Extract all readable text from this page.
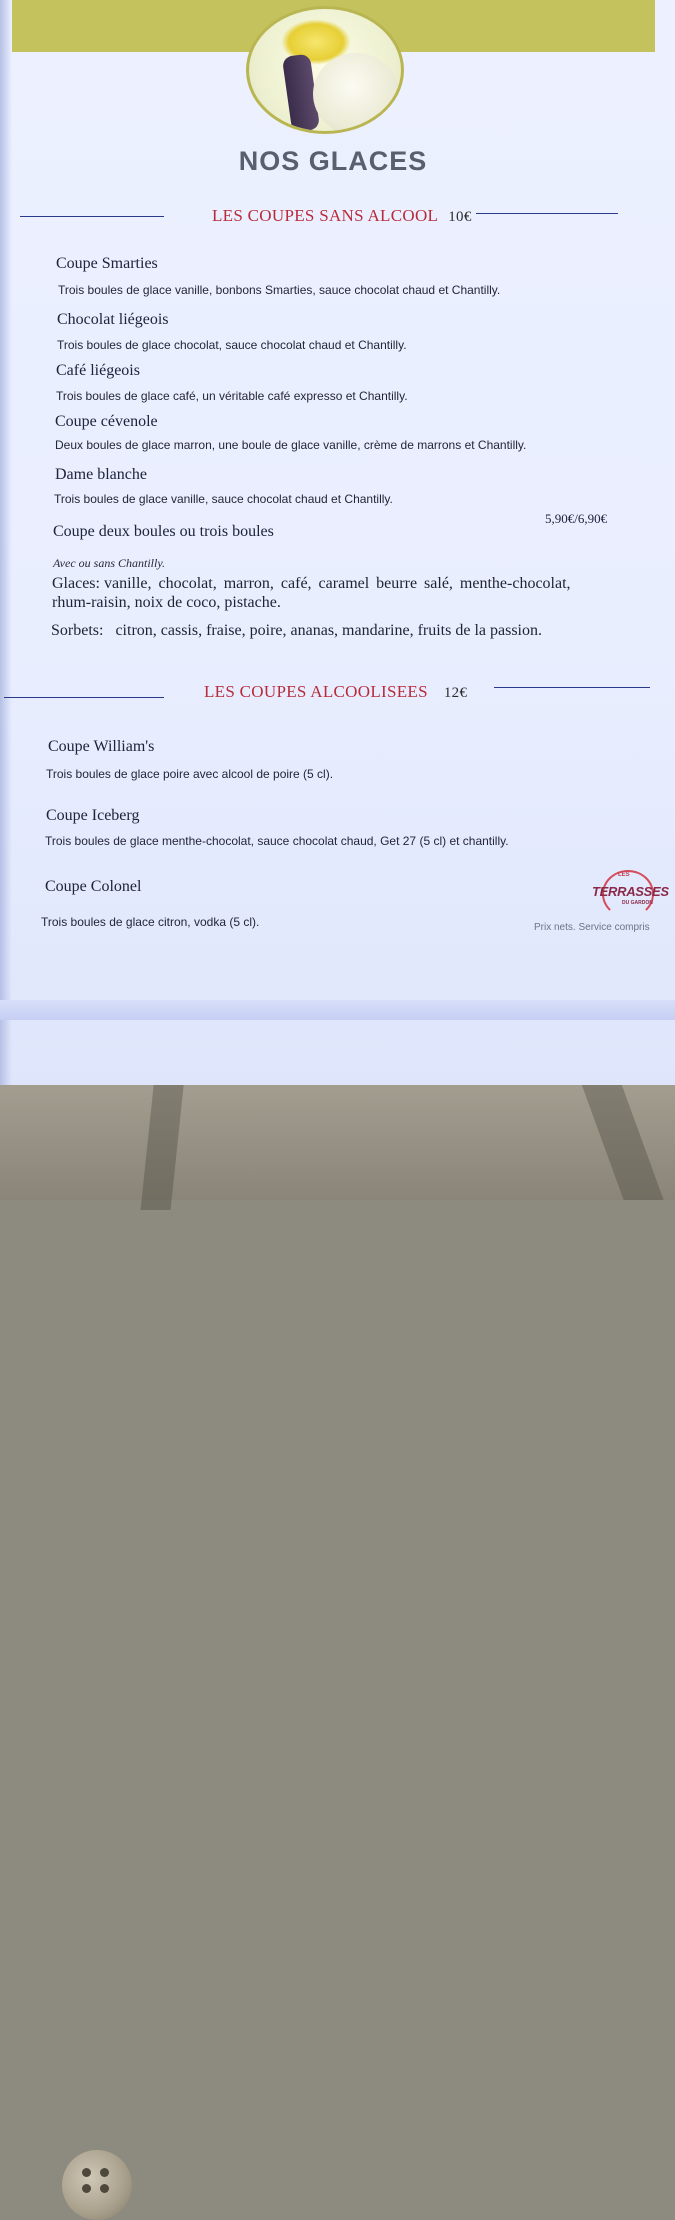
NOS GLACES
LES COUPES SANS ALCOOL 10€
Coupe Smarties
Trois boules de glace vanille, bonbons Smarties, sauce chocolat chaud et Chantilly.
Chocolat liégeois
Trois boules de glace chocolat, sauce chocolat chaud et Chantilly.
Café liégeois
Trois boules de glace café, un véritable café expresso et Chantilly.
Coupe cévenole
Deux boules de glace marron, une boule de glace vanille, crème de marrons et Chantilly.
Dame blanche
Trois boules de glace vanille, sauce chocolat chaud et Chantilly.
Coupe deux boules ou trois boules
5,90€/6,90€
Avec ou sans Chantilly.
Glaces: vanille, chocolat, marron, café, caramel beurre salé, menthe-chocolat,
rhum-raisin, noix de coco, pistache.
Sorbets: citron, cassis, fraise, poire, ananas, mandarine, fruits de la passion.
LES COUPES ALCOOLISEES 12€
Coupe William's
Trois boules de glace poire avec alcool de poire (5 cl).
Coupe Iceberg
Trois boules de glace menthe-chocolat, sauce chocolat chaud, Get 27 (5 cl) et chantilly.
Coupe Colonel
Trois boules de glace citron, vodka (5 cl).
LES
TERRASSES
DU GARDON
Prix nets. Service compris
